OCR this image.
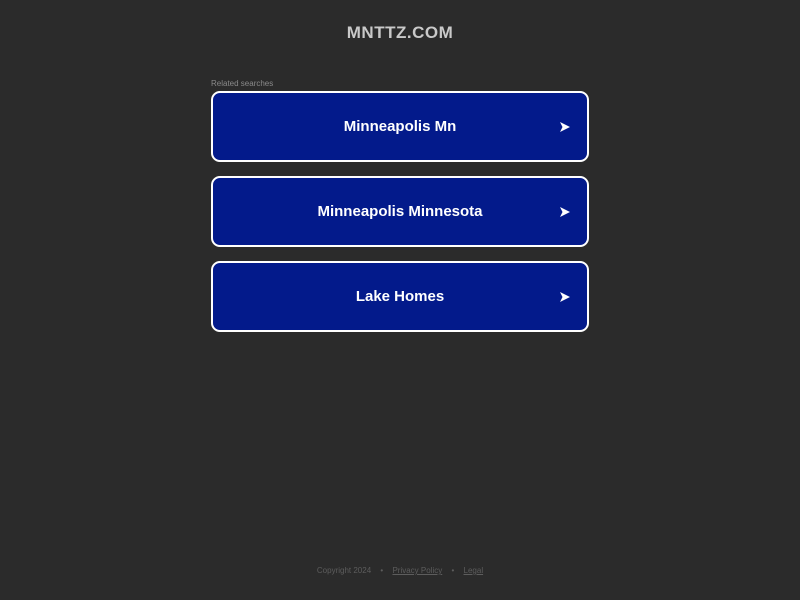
MNTTZ.COM
Related searches
Minneapolis Mn
Minneapolis Minnesota
Lake Homes
Copyright 2024 • Privacy Policy • Legal
